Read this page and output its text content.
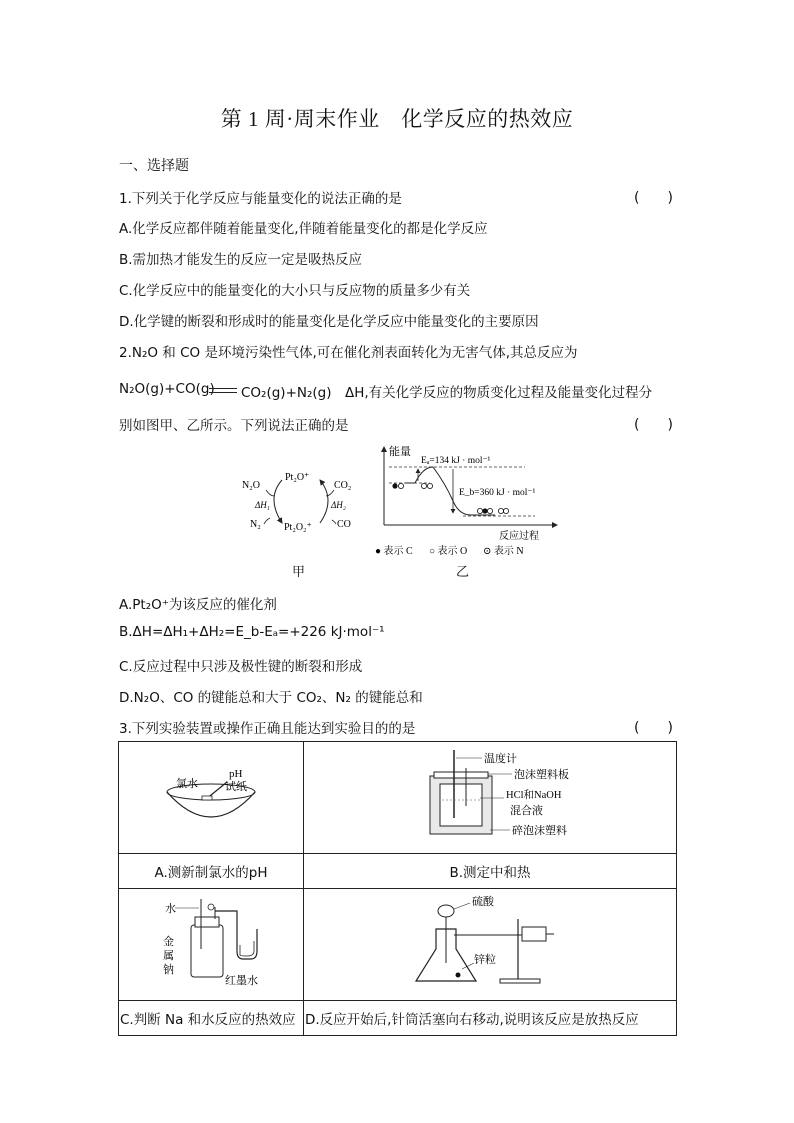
第 1 周·周末作业　化学反应的热效应
一、选择题
1.下列关于化学反应与能量变化的说法正确的是	(　　)
A.化学反应都伴随着能量变化,伴随着能量变化的都是化学反应
B.需加热才能发生的反应一定是吸热反应
C.化学反应中的能量变化的大小只与反应物的质量多少有关
D.化学键的断裂和形成时的能量变化是化学反应中能量变化的主要原因
2.N₂O 和 CO 是环境污染性气体,可在催化剂表面转化为无害气体,其总反应为
N₂O(g)+CO(g) CO₂(g)+N₂(g)　ΔH,有关化学反应的物质变化过程及能量变化过程分
别如图甲、乙所示。下列说法正确的是	(　　)
N₂O
Pt₂O⁺
CO₂
N₂ Pt₂O₂⁺	CO
ΔH₁	ΔH₂
甲
能量
反应过程
Eₐ=134 kJ · mol⁻¹
E_b=360 kJ · mol⁻¹
● 表示 C ○ 表示 O ⊙ 表示 N
乙
A.Pt₂O⁺为该反应的催化剂
B.ΔH=ΔH₁+ΔH₂=E_b-Eₐ=+226 kJ·mol⁻¹
C.反应过程中只涉及极性键的断裂和形成
D.N₂O、CO 的键能总和大于 CO₂、N₂ 的键能总和
3.下列实验装置或操作正确且能达到实验目的的是	(　　)
氯水
pH
试纸	温度计
泡沫塑料板
HCl和NaOH
混合液
碎泡沫塑料

A.测新制氯水的pH	B.测定中和热

水
金
属
钠
红墨水	硫酸
锌粒

C.判断 Na 和水反应的热效应	D.反应开始后,针筒活塞向右移动,说明该反应是放热反应
